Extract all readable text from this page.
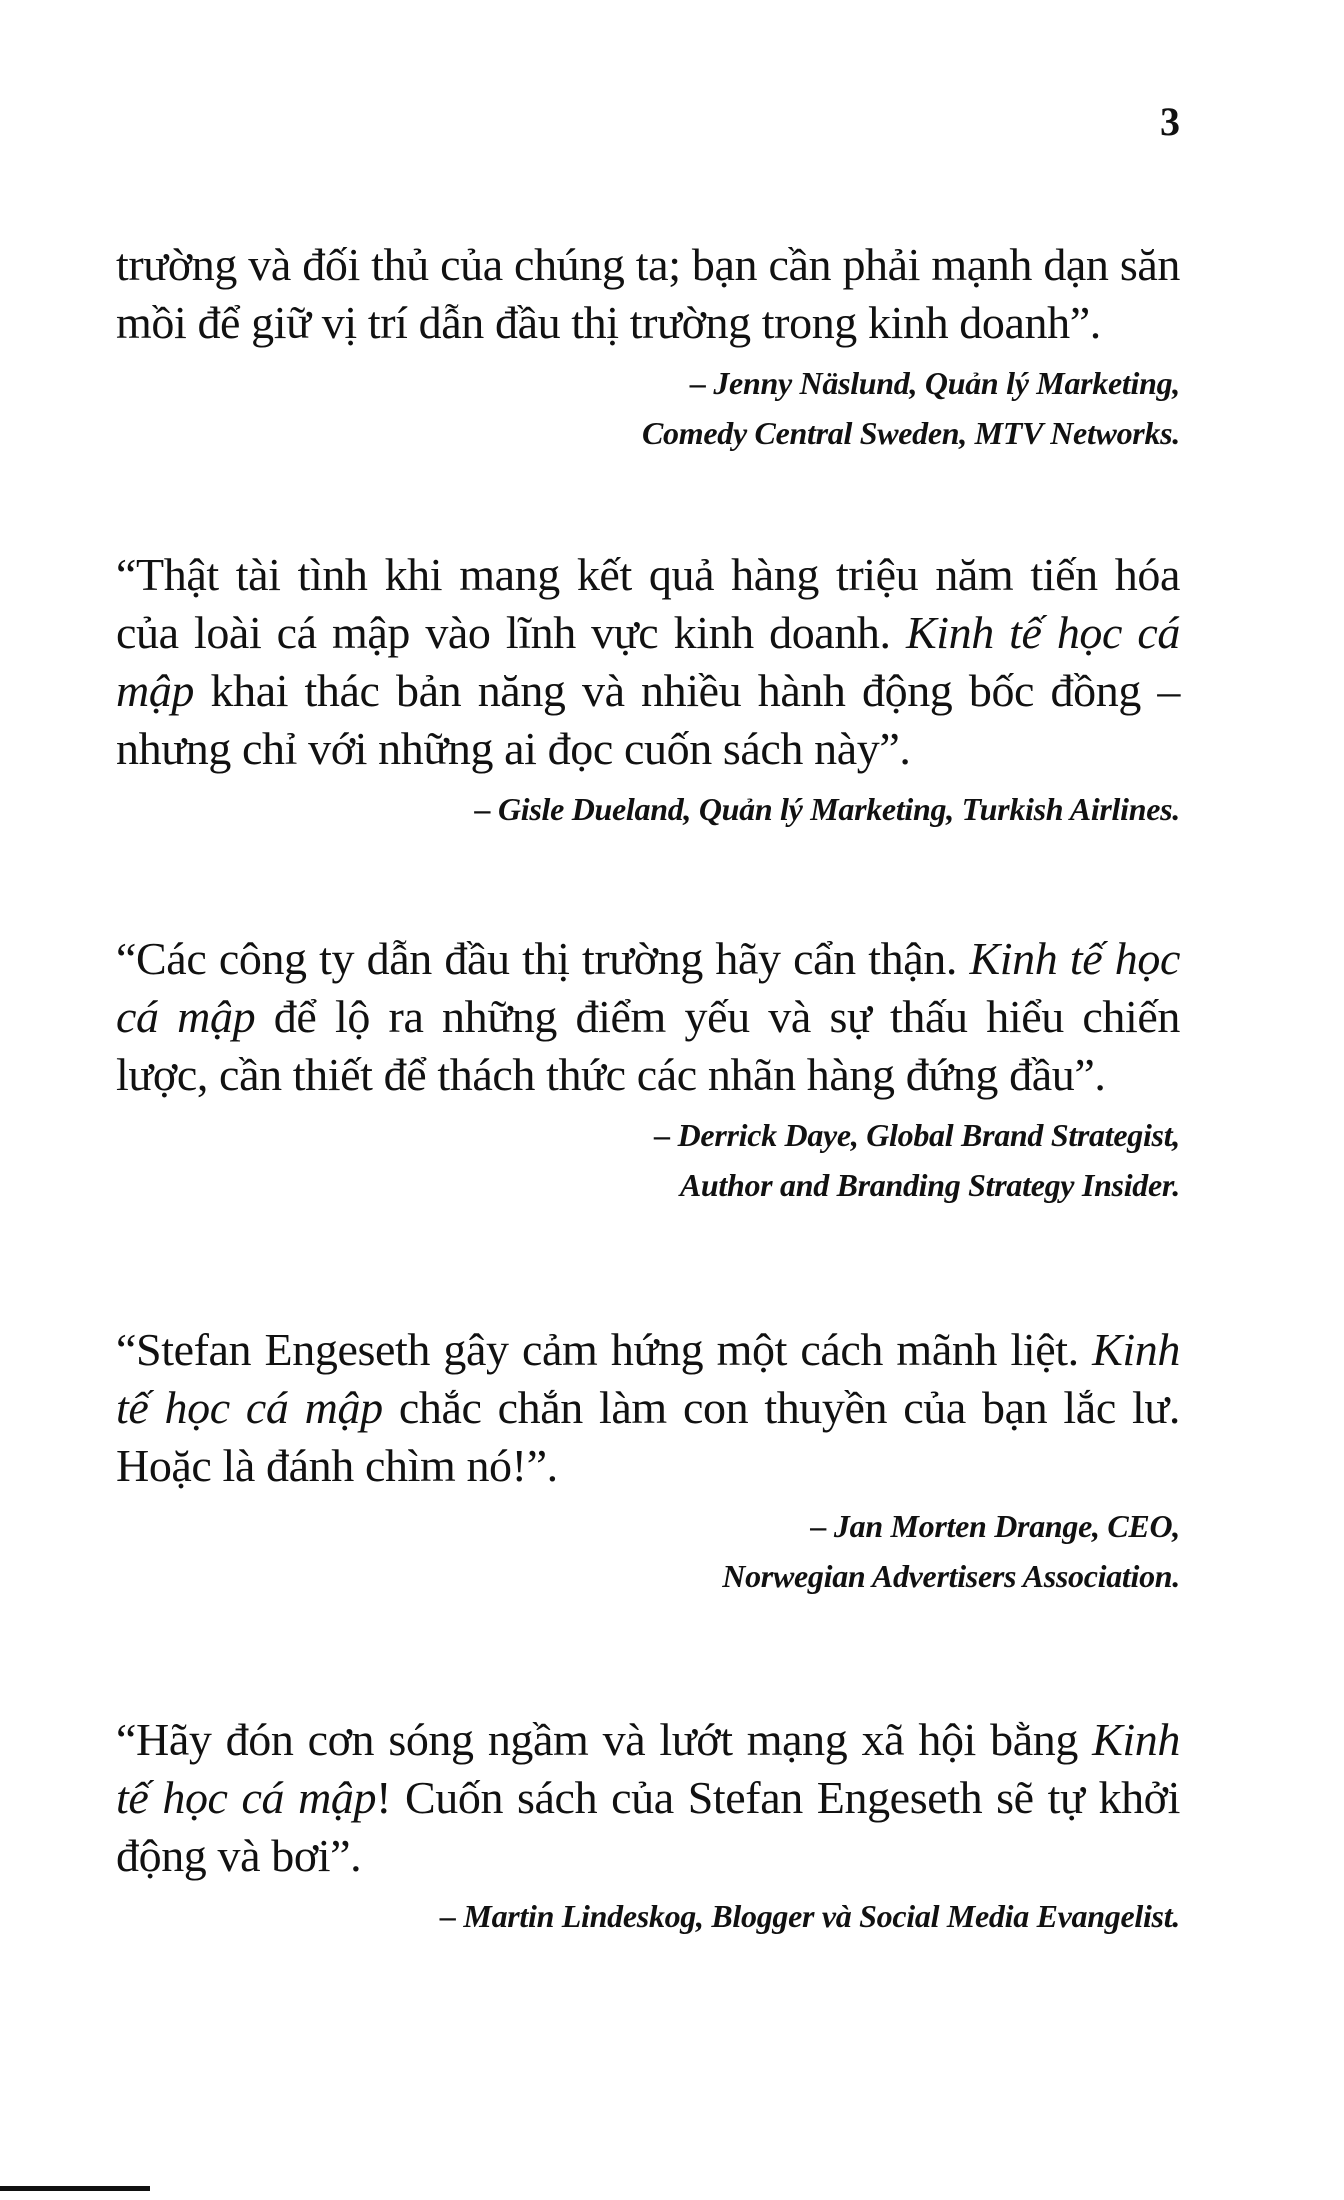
3

trường và đối thủ của chúng ta; bạn cần phải mạnh dạn săn mồi để giữ vị trí dẫn đầu thị trường trong kinh doanh”.

– Jenny Näslund, Quản lý Marketing,
Comedy Central Sweden, MTV Networks.

“Thật tài tình khi mang kết quả hàng triệu năm tiến hóa của loài cá mập vào lĩnh vực kinh doanh. Kinh tế học cá mập khai thác bản năng và nhiều hành động bốc đồng – nhưng chỉ với những ai đọc cuốn sách này”.

– Gisle Dueland, Quản lý Marketing, Turkish Airlines.

“Các công ty dẫn đầu thị trường hãy cẩn thận. Kinh tế học cá mập để lộ ra những điểm yếu và sự thấu hiểu chiến lược, cần thiết để thách thức các nhãn hàng đứng đầu”.

– Derrick Daye, Global Brand Strategist,
Author and Branding Strategy Insider.

“Stefan Engeseth gây cảm hứng một cách mãnh liệt. Kinh tế học cá mập chắc chắn làm con thuyền của bạn lắc lư. Hoặc là đánh chìm nó!”.

– Jan Morten Drange, CEO,
Norwegian Advertisers Association.

“Hãy đón cơn sóng ngầm và lướt mạng xã hội bằng Kinh tế học cá mập! Cuốn sách của Stefan Engeseth sẽ tự khởi động và bơi”.

– Martin Lindeskog, Blogger và Social Media Evangelist.
